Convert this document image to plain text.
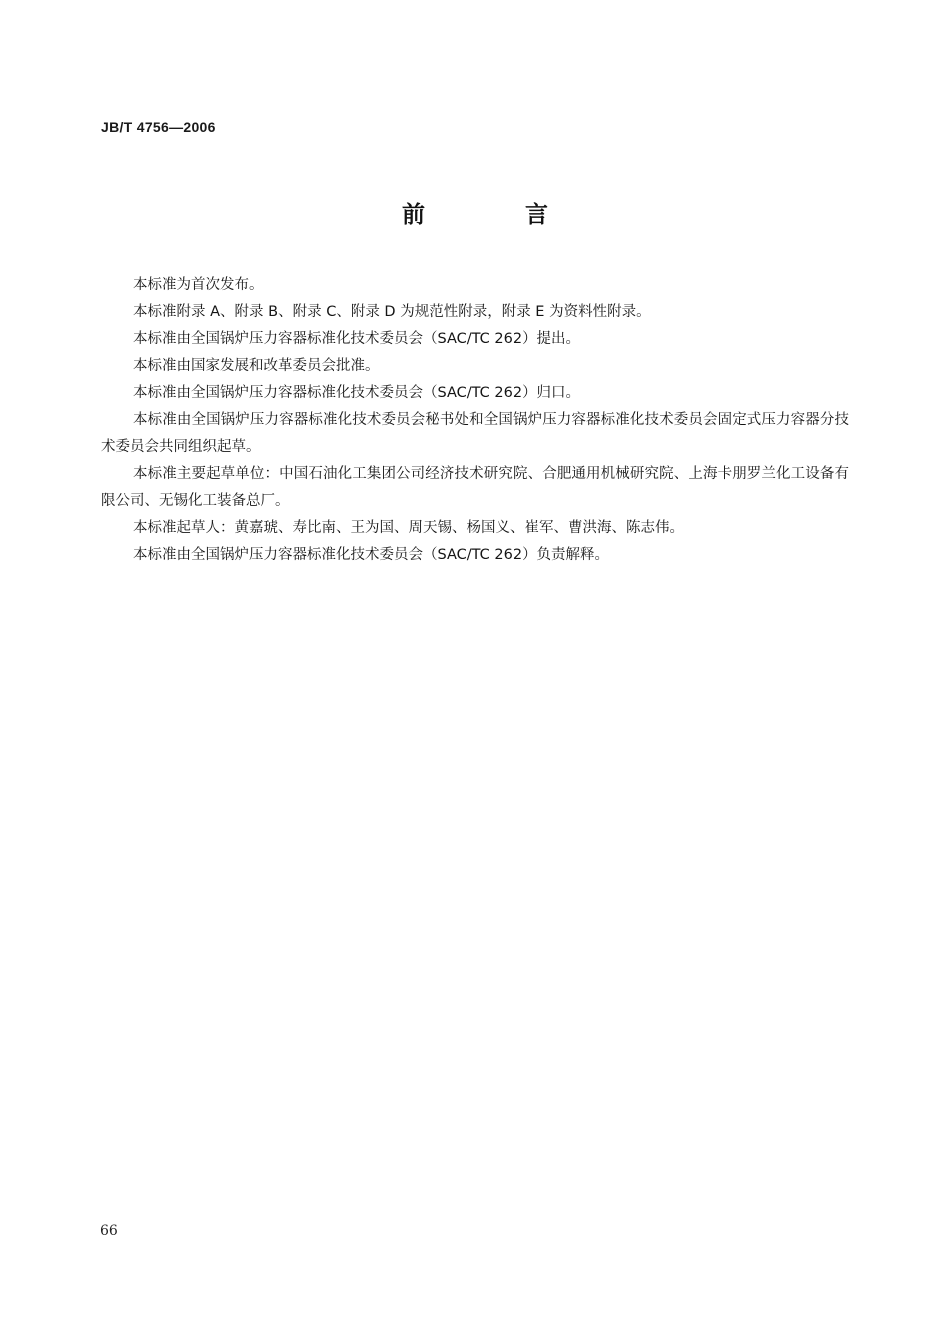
JB/T 4756—2006
前 言

本标准为首次发布。

本标准附录 A、附录 B、附录 C、附录 D 为规范性附录，附录 E 为资料性附录。

本标准由全国锅炉压力容器标准化技术委员会（SAC/TC 262）提出。

本标准由国家发展和改革委员会批准。

本标准由全国锅炉压力容器标准化技术委员会（SAC/TC 262）归口。

本标准由全国锅炉压力容器标准化技术委员会秘书处和全国锅炉压力容器标准化技术委员会固定式压力容器分技术委员会共同组织起草。

本标准主要起草单位：中国石油化工集团公司经济技术研究院、合肥通用机械研究院、上海卡朋罗兰化工设备有限公司、无锡化工装备总厂。

本标准起草人：黄嘉琥、寿比南、王为国、周天锡、杨国义、崔军、曹洪海、陈志伟。

本标准由全国锅炉压力容器标准化技术委员会（SAC/TC 262）负责解释。

66
